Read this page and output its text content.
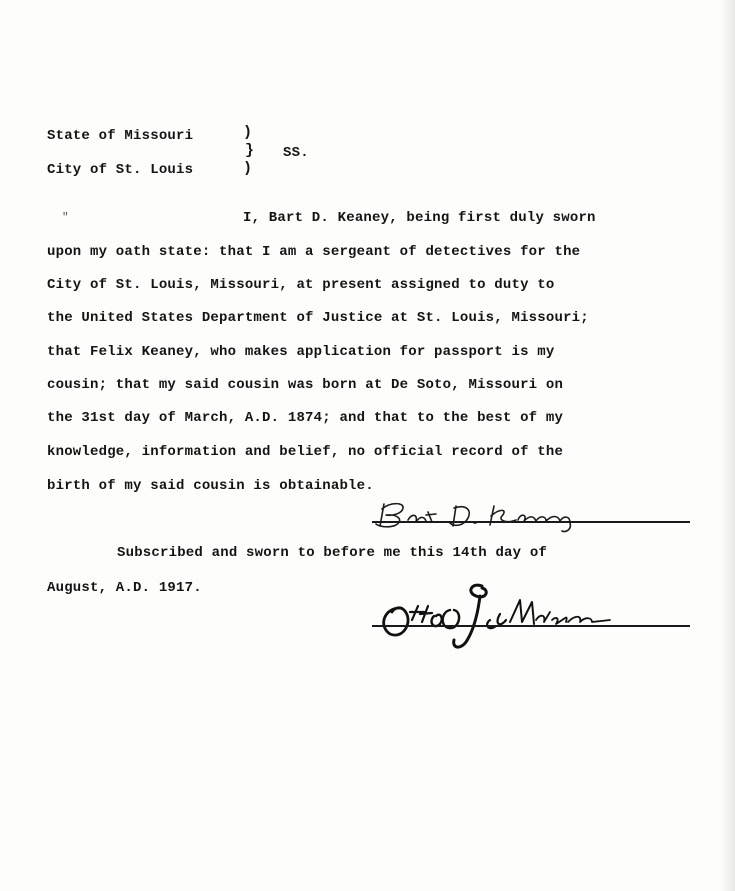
State of Missouri
City of St. Louis
)
}
)
SS.
"	I, Bart D. Keaney, being first duly sworn
upon my oath state: that I am a sergeant of detectives for the
City of St. Louis, Missouri, at present assigned to duty to
the United States Department of Justice at St. Louis, Missouri;
that Felix Keaney, who makes application for passport is my
cousin; that my said cousin was born at De Soto, Missouri on
the 31st day of March, A.D. 1874; and that to the best of my
knowledge, information and belief, no official record of the
birth of my said cousin is obtainable.
Subscribed and sworn to before me this 14th day of
August, A.D. 1917.
